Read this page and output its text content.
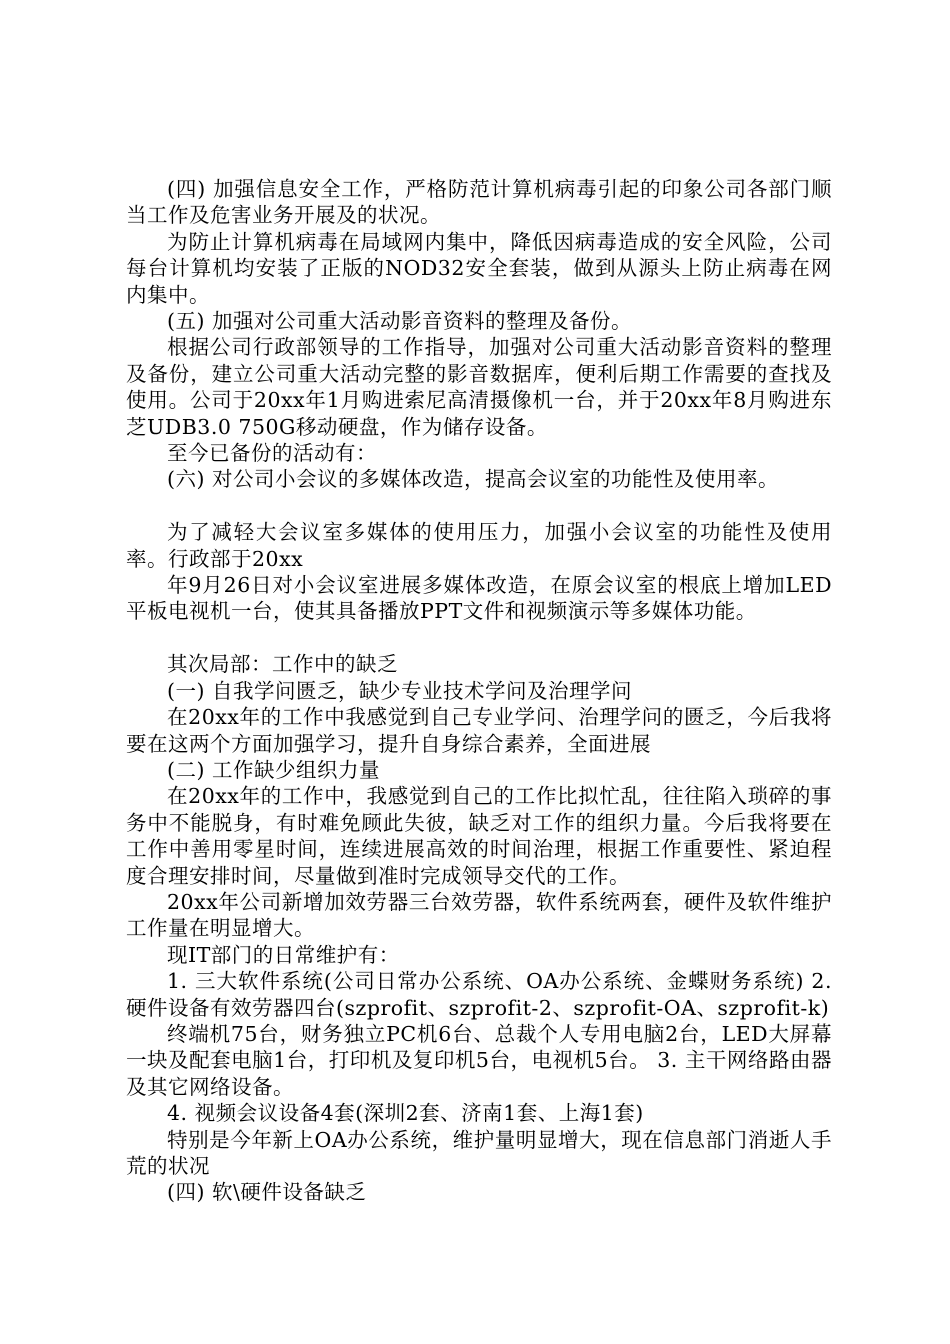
(四) 加强信息安全工作，严格防范计算机病毒引起的印象公司各部门顺当工作及危害业务开展及的状况。

为防止计算机病毒在局域网内集中，降低因病毒造成的安全风险，公司每台计算机均安装了正版的NOD32安全套装，做到从源头上防止病毒在网内集中。

(五) 加强对公司重大活动影音资料的整理及备份。

根据公司行政部领导的工作指导，加强对公司重大活动影音资料的整理及备份，建立公司重大活动完整的影音数据库，便利后期工作需要的查找及使用。公司于20xx年1月购进索尼高清摄像机一台，并于20xx年8月购进东芝UDB3.0 750G移动硬盘，作为储存设备。

至今已备份的活动有：

(六) 对公司小会议的多媒体改造，提高会议室的功能性及使用率。

为了减轻大会议室多媒体的使用压力，加强小会议室的功能性及使用率。行政部于20xx

年9月26日对小会议室进展多媒体改造，在原会议室的根底上增加LED平板电视机一台，使其具备播放PPT文件和视频演示等多媒体功能。

其次局部：工作中的缺乏

(一) 自我学问匮乏，缺少专业技术学问及治理学问

在20xx年的工作中我感觉到自己专业学问、治理学问的匮乏，今后我将要在这两个方面加强学习，提升自身综合素养，全面进展

(二) 工作缺少组织力量

在20xx年的工作中，我感觉到自己的工作比拟忙乱，往往陷入琐碎的事务中不能脱身，有时难免顾此失彼，缺乏对工作的组织力量。今后我将要在工作中善用零星时间，连续进展高效的时间治理，根据工作重要性、紧迫程度合理安排时间，尽量做到准时完成领导交代的工作。

20xx年公司新增加效劳器三台效劳器，软件系统两套，硬件及软件维护工作量在明显增大。

现IT部门的日常维护有：

1. 三大软件系统(公司日常办公系统、OA办公系统、金蝶财务系统) 2. 硬件设备有效劳器四台(szprofit、szprofit-2、szprofit-OA、szprofit-k)

终端机75台，财务独立PC机6台、总裁个人专用电脑2台，LED大屏幕一块及配套电脑1台，打印机及复印机5台，电视机5台。 3. 主干网络路由器及其它网络设备。

4. 视频会议设备4套(深圳2套、济南1套、上海1套)

特别是今年新上OA办公系统，维护量明显增大，现在信息部门消逝人手荒的状况

(四) 软\硬件设备缺乏
